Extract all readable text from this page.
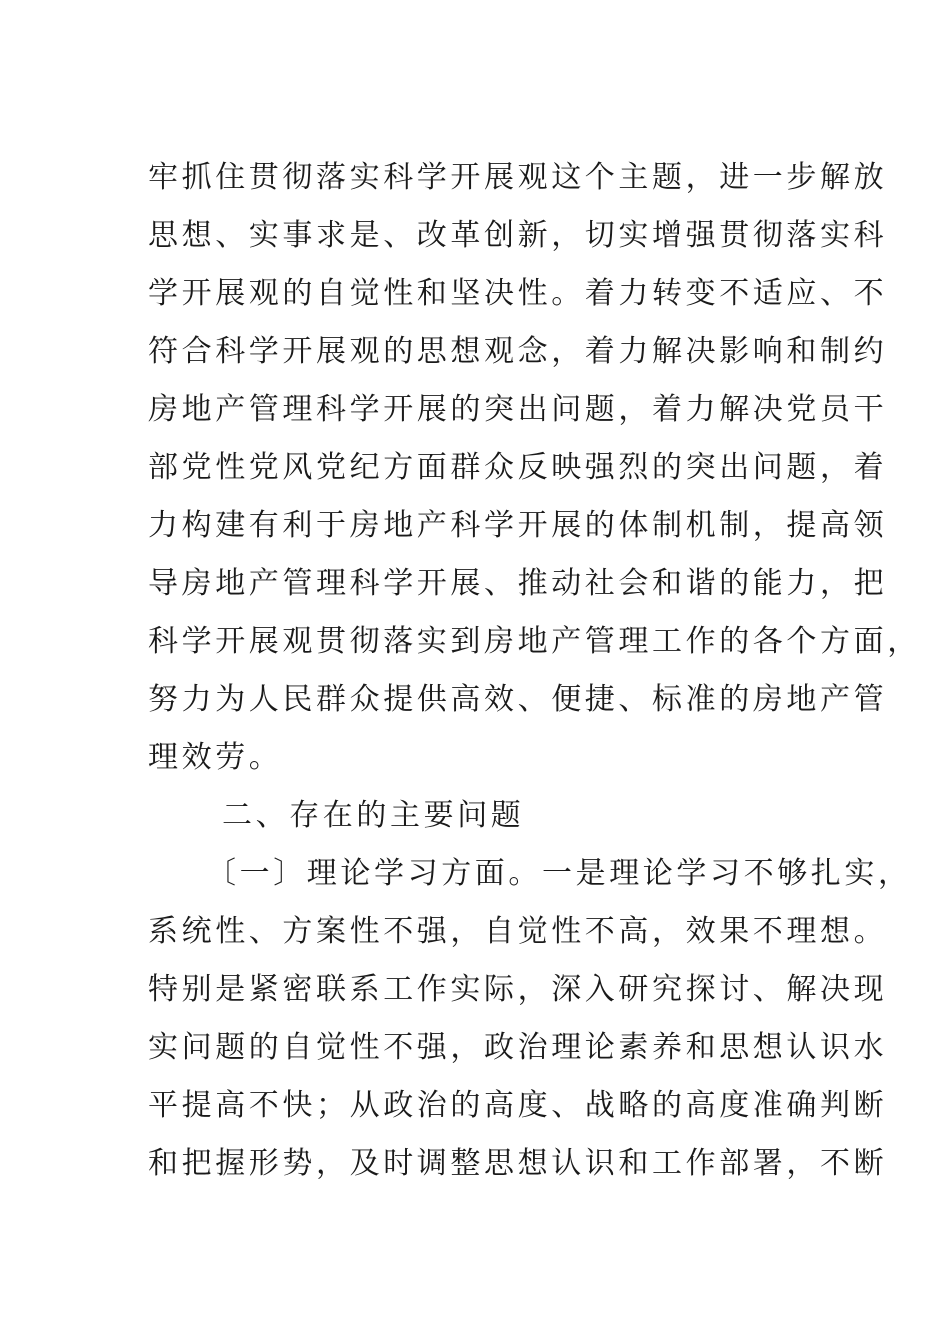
牢抓住贯彻落实科学开展观这个主题，进一步解放
思想、实事求是、改革创新，切实增强贯彻落实科
学开展观的自觉性和坚决性。着力转变不适应、不
符合科学开展观的思想观念，着力解决影响和制约
房地产管理科学开展的突出问题，着力解决党员干
部党性党风党纪方面群众反映强烈的突出问题，着
力构建有利于房地产科学开展的体制机制，提高领
导房地产管理科学开展、推动社会和谐的能力，把
科学开展观贯彻落实到房地产管理工作的各个方面，
努力为人民群众提供高效、便捷、标准的房地产管
理效劳。
二、存在的主要问题
〔一〕理论学习方面。一是理论学习不够扎实，
系统性、方案性不强，自觉性不高，效果不理想。
特别是紧密联系工作实际，深入研究探讨、解决现
实问题的自觉性不强，政治理论素养和思想认识水
平提高不快；从政治的高度、战略的高度准确判断
和把握形势，及时调整思想认识和工作部署，不断
